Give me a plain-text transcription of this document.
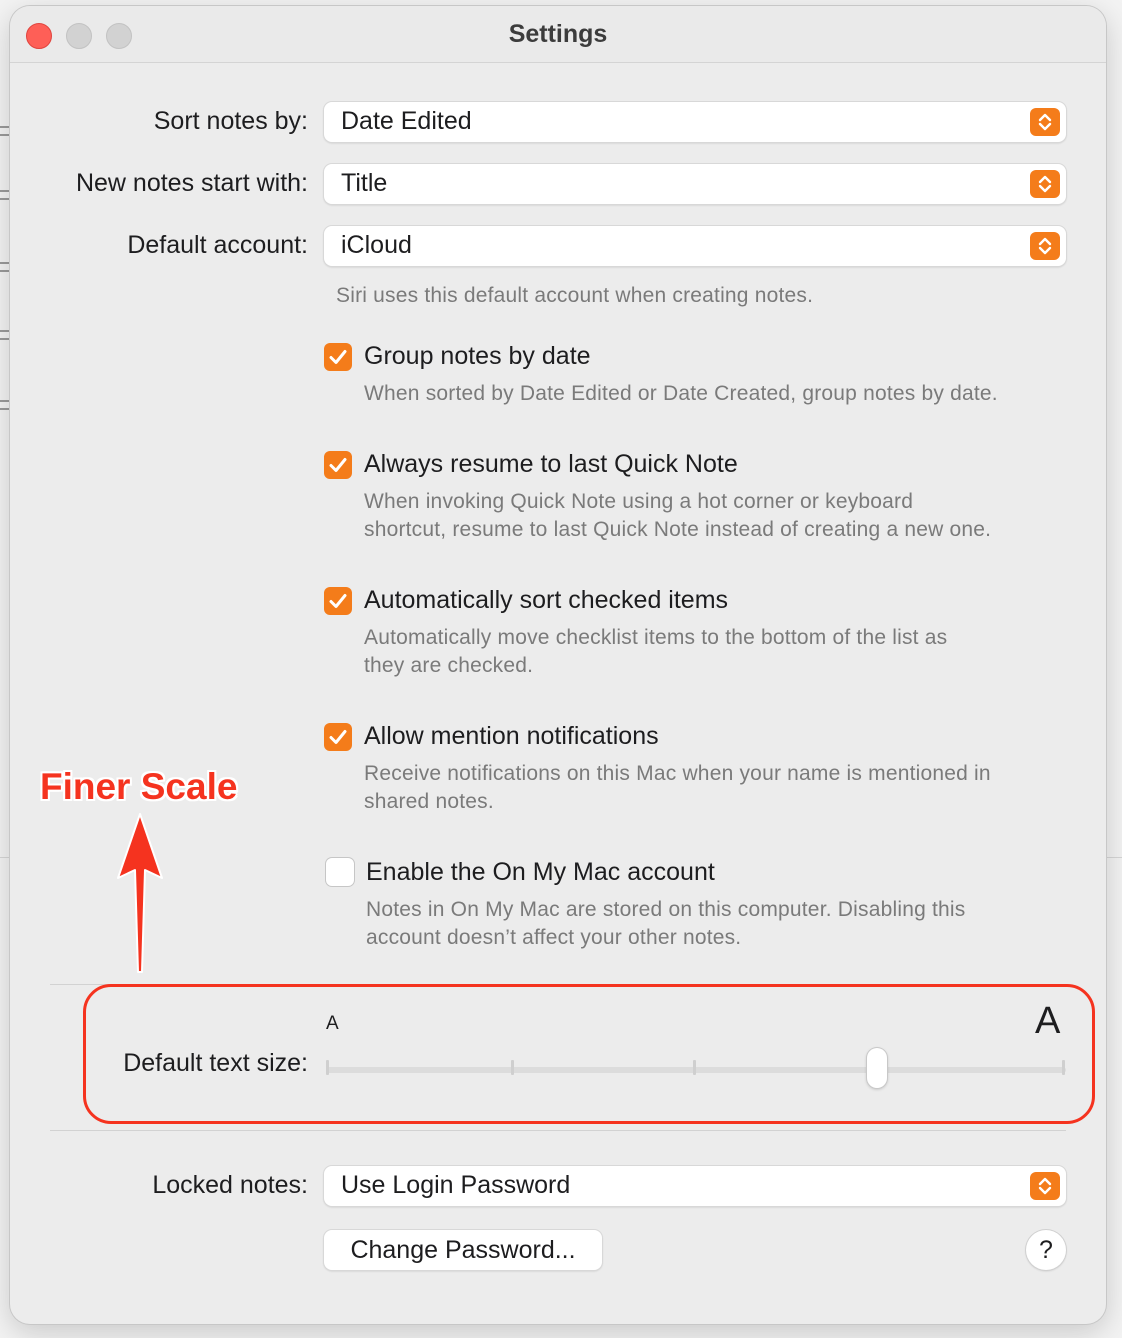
Settings
Sort notes by: Date Edited
New notes start with: Title
Default account: iCloud
Siri uses this default account when creating notes.
Group notes by date
When sorted by Date Edited or Date Created, group notes by date.
Always resume to last Quick Note
When invoking Quick Note using a hot corner or keyboard
shortcut, resume to last Quick Note instead of creating a new one.
Automatically sort checked items
Automatically move checklist items to the bottom of the list as
they are checked.
Allow mention notifications
Receive notifications on this Mac when your name is mentioned in
shared notes.
Enable the On My Mac account
Notes in On My Mac are stored on this computer. Disabling this
account doesn’t affect your other notes.
Default text size:
A	A
Locked notes: Use Login Password
Change Password...	?
Finer Scale
